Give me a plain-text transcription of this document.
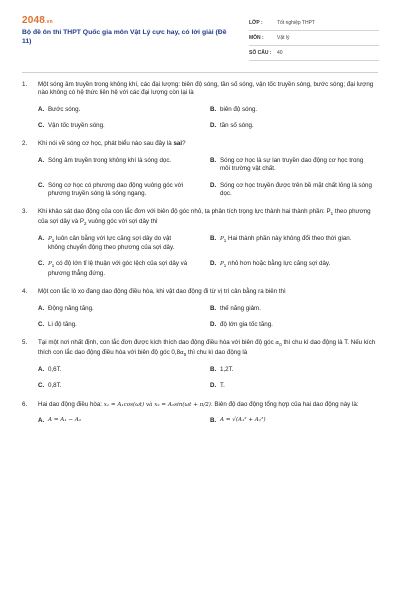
2048.vn
Bộ đề ôn thi THPT Quốc gia môn Vật Lý cực hay, có lời giải (Đề 11)
LỚP :	Tốt nghiệp THPT
MÔN :	Vật lý
SỐ CÂU :	40
1.	Một sóng âm truyền trong không khí, các đại lượng: biên độ sóng, tần số sóng, vận tốc truyền sóng, bước sóng; đại lượng nào không có hệ thức liên hệ với các đại lượng còn lại là
A. Bước sóng.	B. biên độ sóng.
C. Vận tốc truyền sóng.	D. tần số sóng.
2.	Khi nói về sóng cơ học, phát biểu nào sau đây là sai?
A. Sóng âm truyền trong không khí là sóng dọc.	B. Sóng cơ học là sự lan truyền dao động cơ học trong môi trường vật chất.
C. Sóng cơ học có phương dao động vuông góc với phương truyền sóng là sóng ngang.
D. Sóng cơ học truyền được trên bề mặt chất lỏng là sóng dọc.
3.	Khi khảo sát dao động của con lắc đơn với biên độ góc nhỏ, ta phân tích trọng lực thành hai thành phần: $P_1$ theo phương của sợi dây và $P_2$ vuông góc với sợi dây thì
A. $P_1$ luôn cân bằng với lực căng sợi dây do vật không chuyển động theo phương của sợi dây.
B. $P_1$ Hai thành phần này không đổi theo thời gian.
C. $P_1$ có độ lớn tỉ lệ thuận với góc lệch của sợi dây và phương thẳng đứng.
D. $P_1$ nhỏ hơn hoặc bằng lực căng sợi dây.
4.	Một con lắc lò xo đang dao động điều hòa, khi vật dao động đi từ vị trí cân bằng ra biên thì
A. Động năng tăng.	B. thế năng giảm.
C. Li độ tăng.	D. độ lớn gia tốc tăng.
5.	Tại một nơi nhất định, con lắc đơn được kích thích dao động điều hòa với biên độ góc $\alpha_0$ thì chu kì dao động là T. Nếu kích thích con lắc dao động điều hòa với biên độ góc $0,8\alpha_0$ thì chu kì dao động là
A. 0,6T.	B. 1,2T.
C. 0,8T.	D. T.
6.	Hai dao động điều hòa: x₁ = A₁cos(ωt) và x₂ = A₂sin(ωt + π/2). Biên độ dao động tổng hợp của hai dao động này là:
A. A = A₁ − A₂	B. A = √(A₁² + A₂²)
